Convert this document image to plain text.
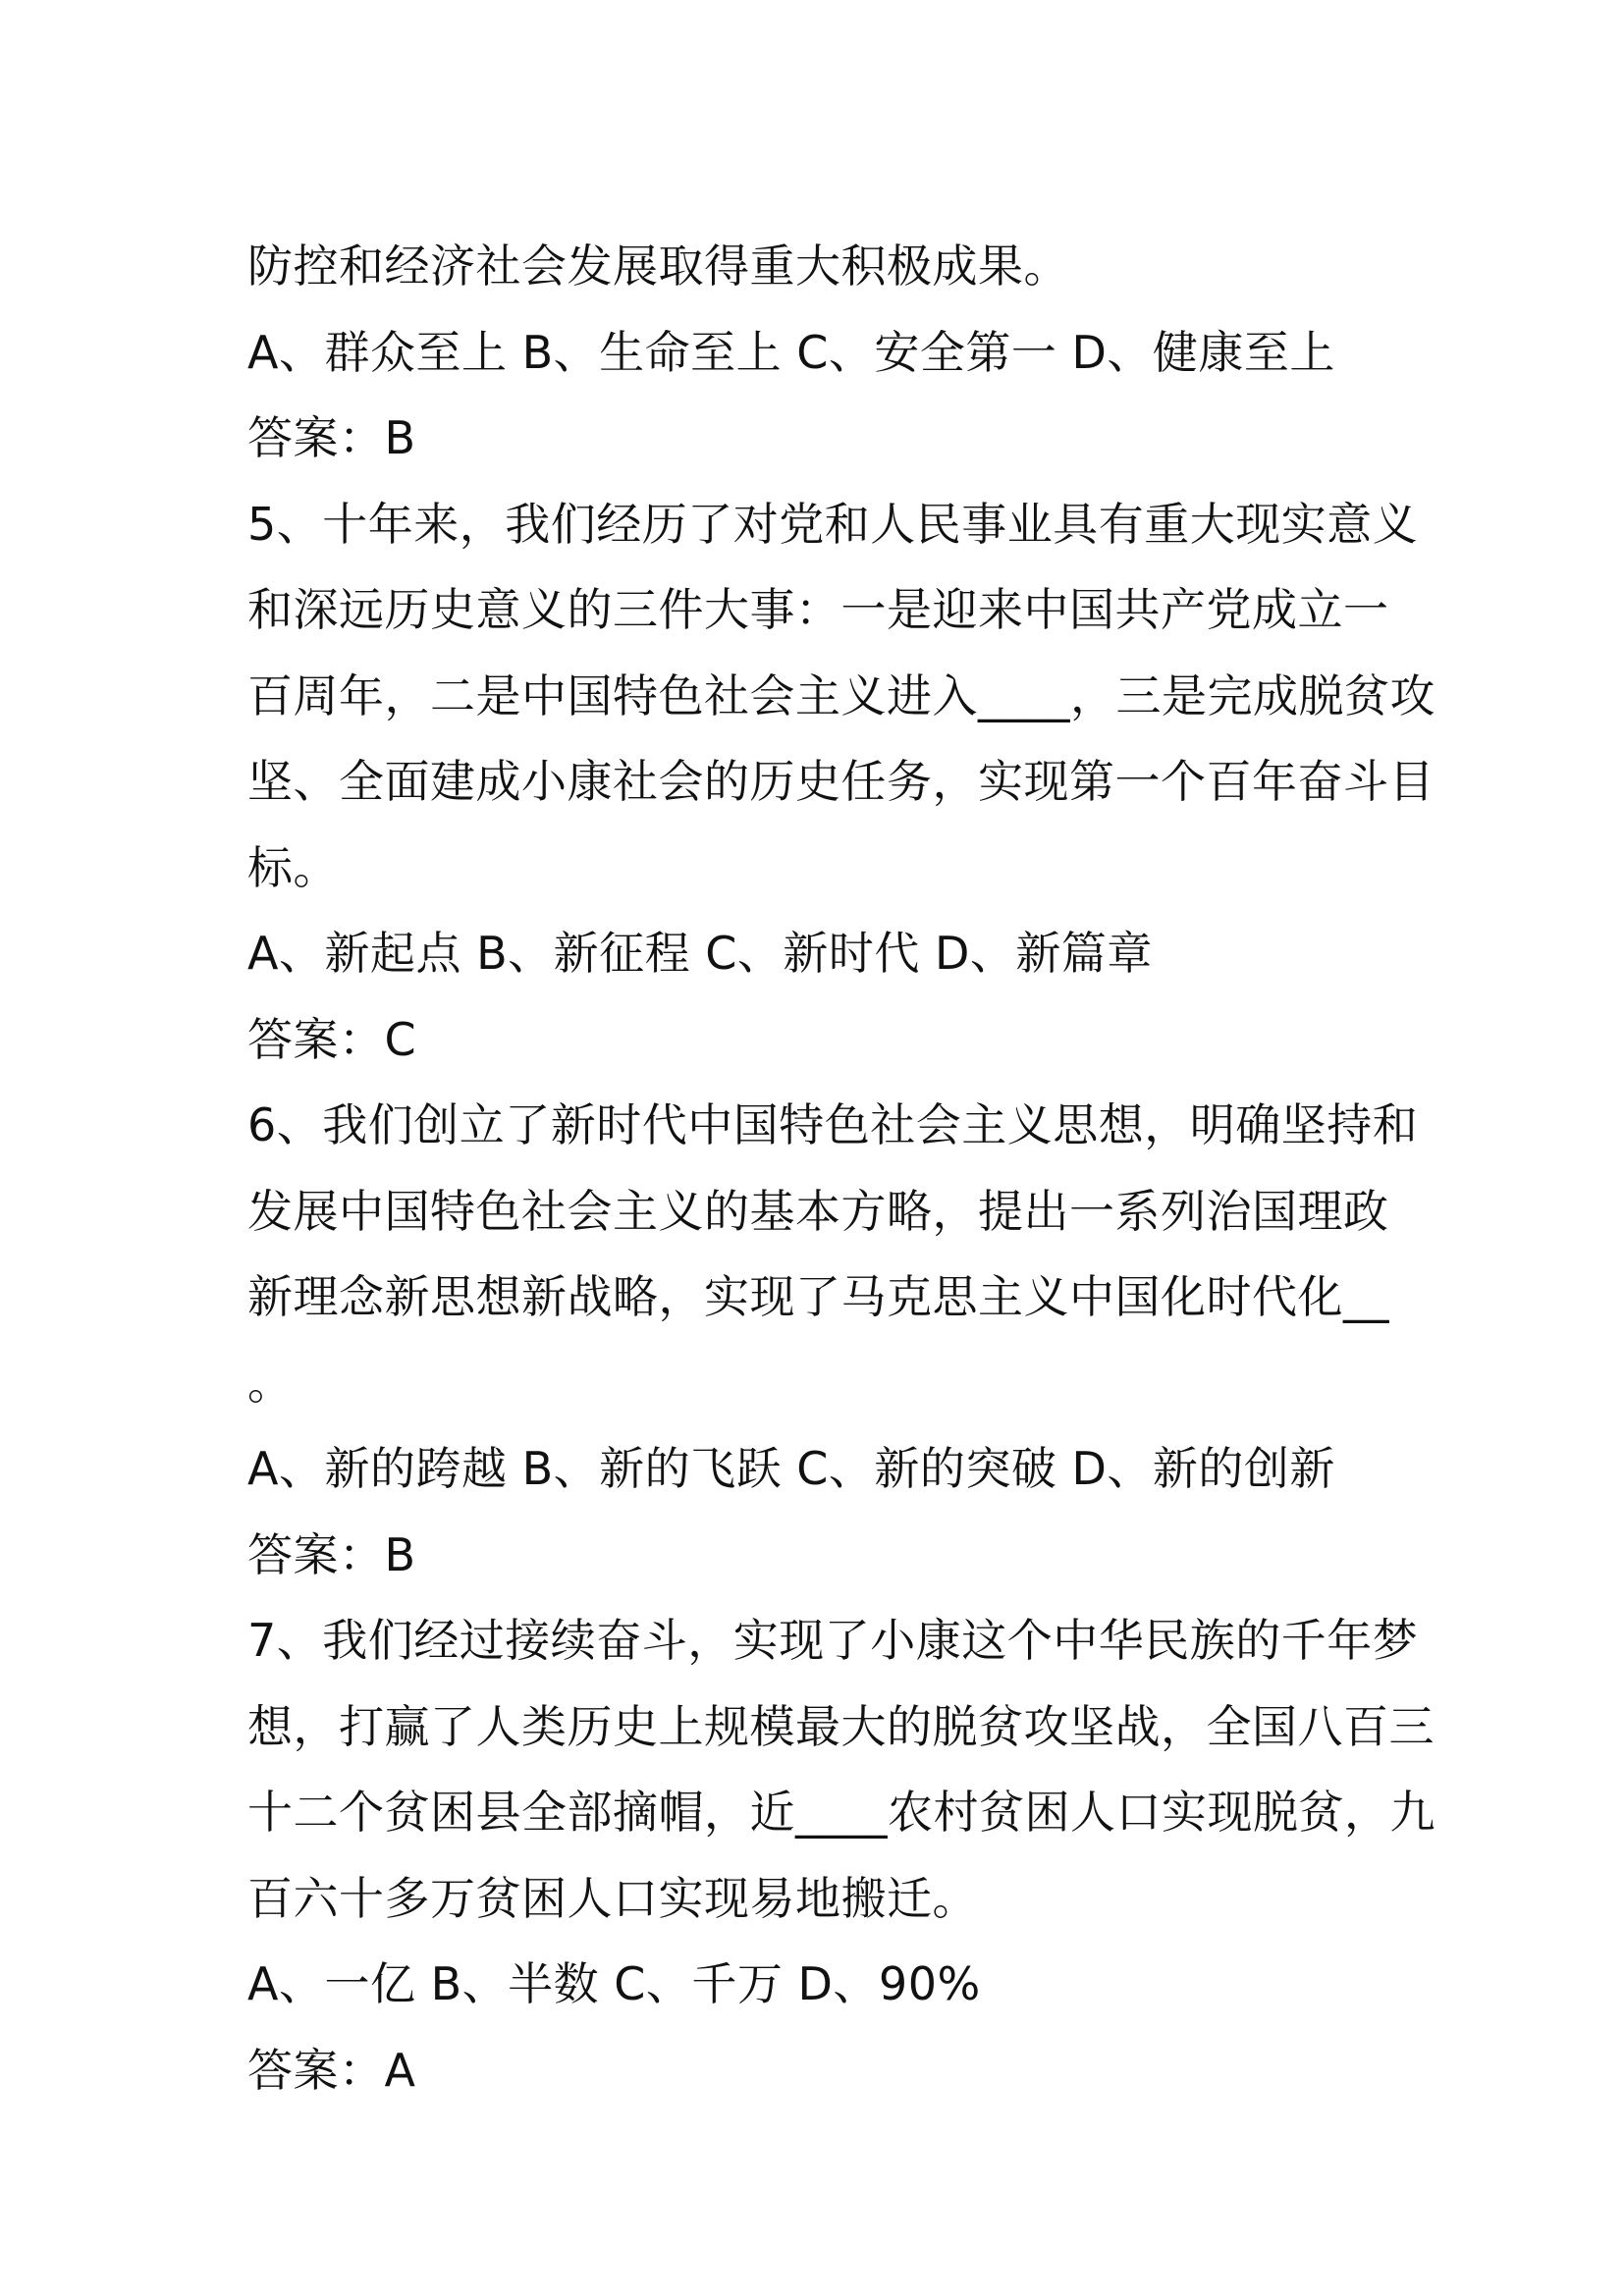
防控和经济社会发展取得重大积极成果。
A、群众至上 B、生命至上 C、安全第一 D、健康至上
答案：B
5、十年来，我们经历了对党和人民事业具有重大现实意义
和深远历史意义的三件大事：一是迎来中国共产党成立一
百周年，二是中国特色社会主义进入____，三是完成脱贫攻
坚、全面建成小康社会的历史任务，实现第一个百年奋斗目
标。
A、新起点 B、新征程 C、新时代 D、新篇章
答案：C
6、我们创立了新时代中国特色社会主义思想，明确坚持和
发展中国特色社会主义的基本方略，提出一系列治国理政
新理念新思想新战略，实现了马克思主义中国化时代化__
。
A、新的跨越 B、新的飞跃 C、新的突破 D、新的创新
答案：B
7、我们经过接续奋斗，实现了小康这个中华民族的千年梦
想，打赢了人类历史上规模最大的脱贫攻坚战，全国八百三
十二个贫困县全部摘帽，近____农村贫困人口实现脱贫，九
百六十多万贫困人口实现易地搬迁。
A、一亿 B、半数 C、千万 D、90%
答案：A
